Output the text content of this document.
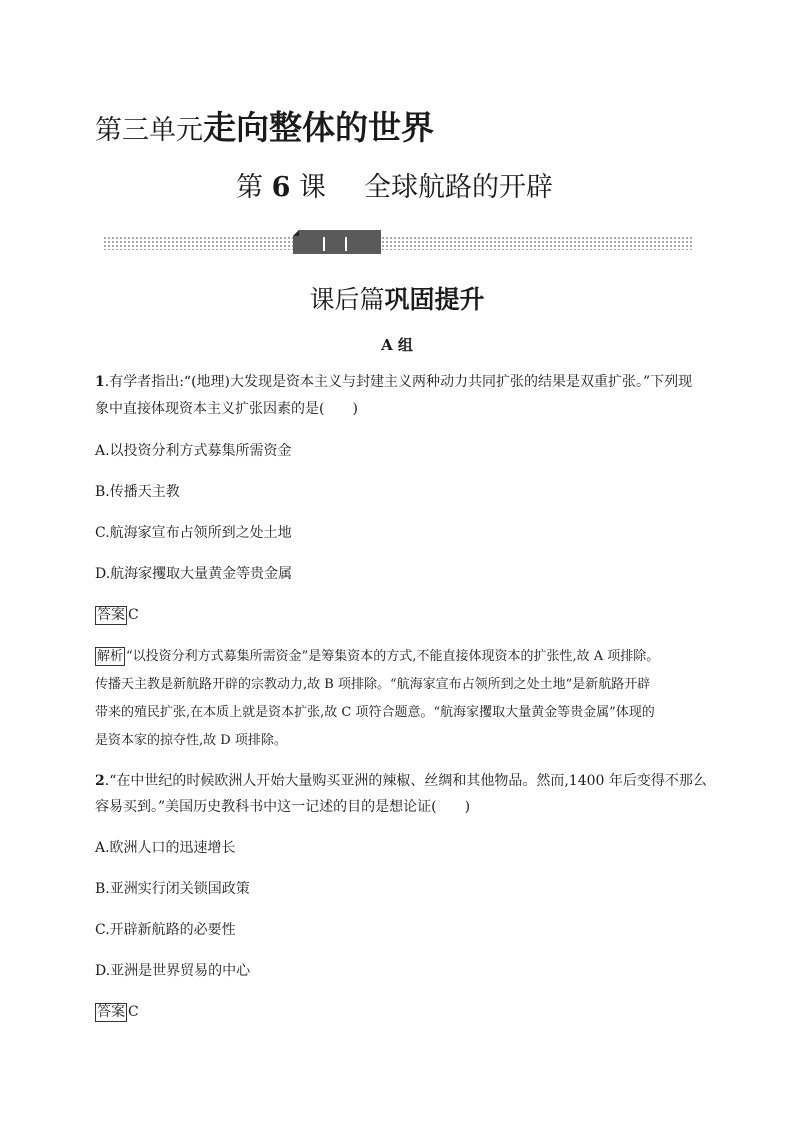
第三单元走向整体的世界
第 6 课 全球航路的开辟
课后篇巩固提升
A 组
1.有学者指出:“(地理)大发现是资本主义与封建主义两种动力共同扩张的结果是双重扩张。”下列现
象中直接体现资本主义扩张因素的是(　　)
A.以投资分利方式募集所需资金
B.传播天主教
C.航海家宣布占领所到之处土地
D.航海家攫取大量黄金等贵金属
答案 C
解析 “以投资分利方式募集所需资金”是筹集资本的方式,不能直接体现资本的扩张性,故 A 项排除。
传播天主教是新航路开辟的宗教动力,故 B 项排除。“航海家宣布占领所到之处土地”是新航路开辟
带来的殖民扩张,在本质上就是资本扩张,故 C 项符合题意。“航海家攫取大量黄金等贵金属”体现的
是资本家的掠夺性,故 D 项排除。
2.“在中世纪的时候欧洲人开始大量购买亚洲的辣椒、丝绸和其他物品。然而,1400 年后变得不那么
容易买到。”美国历史教科书中这一记述的目的是想论证(　　)
A.欧洲人口的迅速增长
B.亚洲实行闭关锁国政策
C.开辟新航路的必要性
D.亚洲是世界贸易的中心
答案 C
